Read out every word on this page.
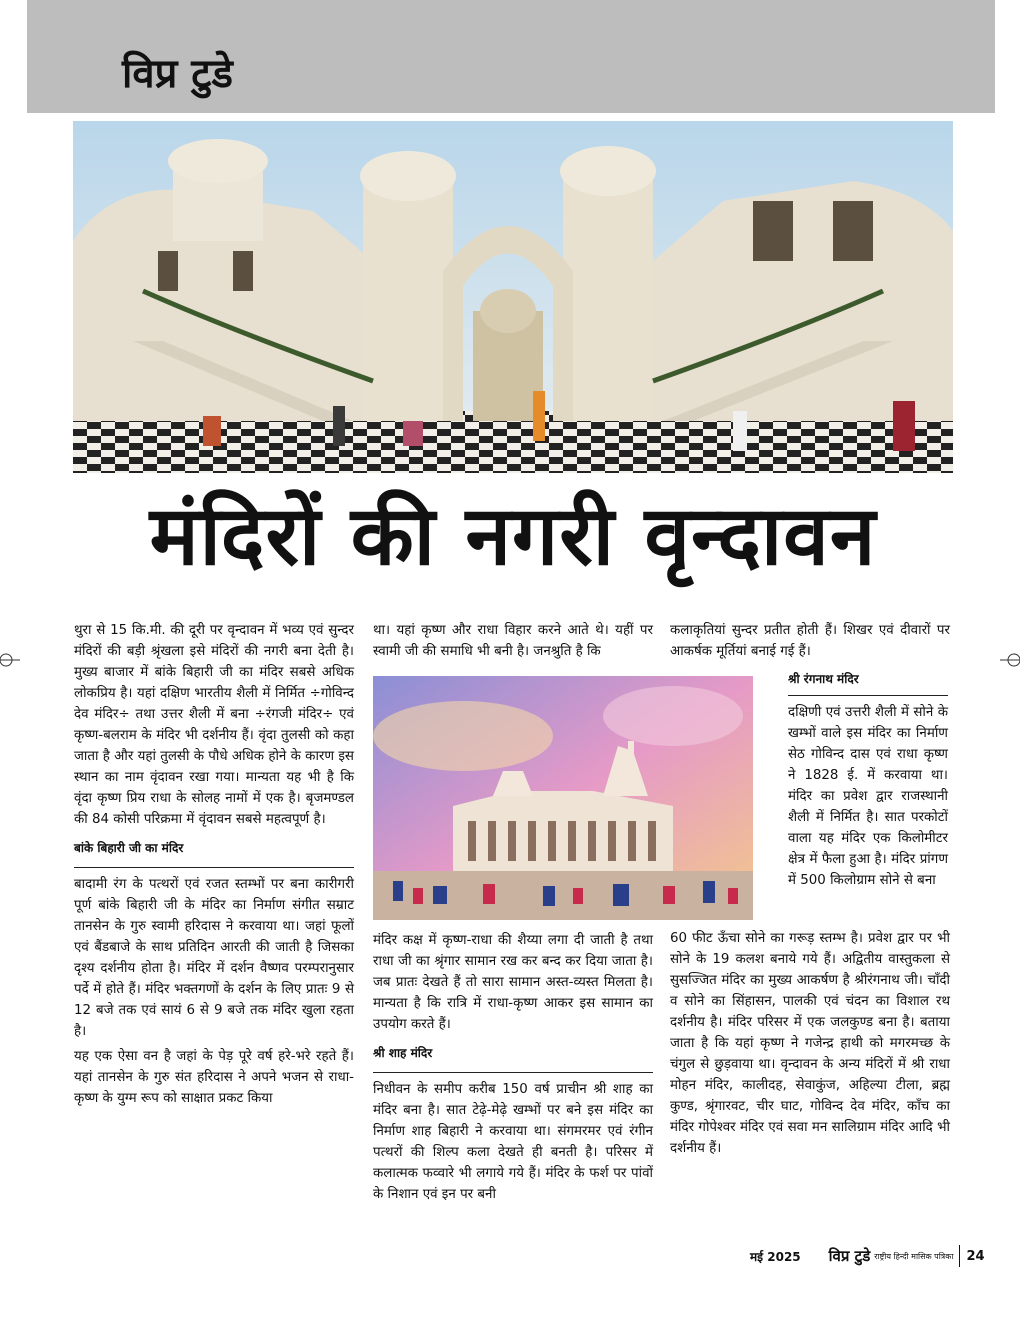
विप्र टुडे
मंदिरों की नगरी वृन्दावन

थुरा से 15 कि.मी. की दूरी पर वृन्दावन में भव्य एवं सुन्दर मंदिरों की बड़ी श्रृंखला इसे मंदिरों की नगरी बना देती है। मुख्य बाजार में बांके बिहारी जी का मंदिर सबसे अधिक लोकप्रिय है। यहां दक्षिण भारतीय शैली में निर्मित ÷गोविन्द देव मंदिर÷ तथा उत्तर शैली में बना ÷रंगजी मंदिर÷ एवं कृष्ण-बलराम के मंदिर भी दर्शनीय हैं। वृंदा तुलसी को कहा जाता है और यहां तुलसी के पौधे अधिक होने के कारण इस स्थान का नाम वृंदावन रखा गया। मान्यता यह भी है कि वृंदा कृष्ण प्रिय राधा के सोलह नामों में एक है। बृजमण्डल की 84 कोसी परिक्रमा में वृंदावन सबसे महत्वपूर्ण है।

बांके बिहारी जी का मंदिर

बादामी रंग के पत्थरों एवं रजत स्तम्भों पर बना कारीगरी पूर्ण बांके बिहारी जी के मंदिर का निर्माण संगीत सम्राट तानसेन के गुरु स्वामी हरिदास ने करवाया था। जहां फूलों एवं बैंडबाजे के साथ प्रतिदिन आरती की जाती है जिसका दृश्य दर्शनीय होता है। मंदिर में दर्शन वैष्णव परम्परानुसार पर्दे में होते हैं। मंदिर भक्तगणों के दर्शन के लिए प्रातः 9 से 12 बजे तक एवं सायं 6 से 9 बजे तक मंदिर खुला रहता है।

यह एक ऐसा वन है जहां के पेड़ पूरे वर्ष हरे-भरे रहते हैं। यहां तानसेन के गुरु संत हरिदास ने अपने भजन से राधा-कृष्ण के युग्म रूप को साक्षात प्रकट किया

था। यहां कृष्ण और राधा विहार करने आते थे। यहीं पर स्वामी जी की समाधि भी बनी है। जनश्रुति है कि

कलाकृतियां सुन्दर प्रतीत होती हैं। शिखर एवं दीवारों पर आकर्षक मूर्तियां बनाई गई हैं।

श्री रंगनाथ मंदिर

दक्षिणी एवं उत्तरी शैली में सोने के खम्भों वाले इस मंदिर का निर्माण सेठ गोविन्द दास एवं राधा कृष्ण ने 1828 ई. में करवाया था। मंदिर का प्रवेश द्वार राजस्थानी शैली में निर्मित है। सात परकोटों वाला यह मंदिर एक किलोमीटर क्षेत्र में फैला हुआ है। मंदिर प्रांगण में 500 किलोग्राम सोने से बना

मंदिर कक्ष में कृष्ण-राधा की शैय्या लगा दी जाती है तथा राधा जी का श्रृंगार सामान रख कर बन्द कर दिया जाता है। जब प्रातः देखते हैं तो सारा सामान अस्त-व्यस्त मिलता है। मान्यता है कि रात्रि में राधा-कृष्ण आकर इस सामान का उपयोग करते हैं।

श्री शाह मंदिर

निधीवन के समीप करीब 150 वर्ष प्राचीन श्री शाह का मंदिर बना है। सात टेढ़े-मेढ़े खम्भों पर बने इस मंदिर का निर्माण शाह बिहारी ने करवाया था। संगमरमर एवं रंगीन पत्थरों की शिल्प कला देखते ही बनती है। परिसर में कलात्मक फव्वारे भी लगाये गये हैं। मंदिर के फर्श पर पांवों के निशान एवं इन पर बनी

60 फीट ऊँचा सोने का गरूड़ स्तम्भ है। प्रवेश द्वार पर भी सोने के 19 कलश बनाये गये हैं। अद्वितीय वास्तुकला से सुसज्जित मंदिर का मुख्य आकर्षण है श्रीरंगनाथ जी। चाँदी व सोने का सिंहासन, पालकी एवं चंदन का विशाल रथ दर्शनीय है। मंदिर परिसर में एक जलकुण्ड बना है। बताया जाता है कि यहां कृष्ण ने गजेन्द्र हाथी को मगरमच्छ के चंगुल से छुड़वाया था। वृन्दावन के अन्य मंदिरों में श्री राधा मोहन मंदिर, कालीदह, सेवाकुंज, अहिल्या टीला, ब्रह्म कुण्ड, श्रृंगारवट, चीर घाट, गोविन्द देव मंदिर, काँच का मंदिर गोपेश्वर मंदिर एवं सवा मन सालिग्राम मंदिर आदि भी दर्शनीय हैं।

मई 2025 विप्र टुडे राष्ट्रीय हिन्दी मासिक पत्रिका 24
